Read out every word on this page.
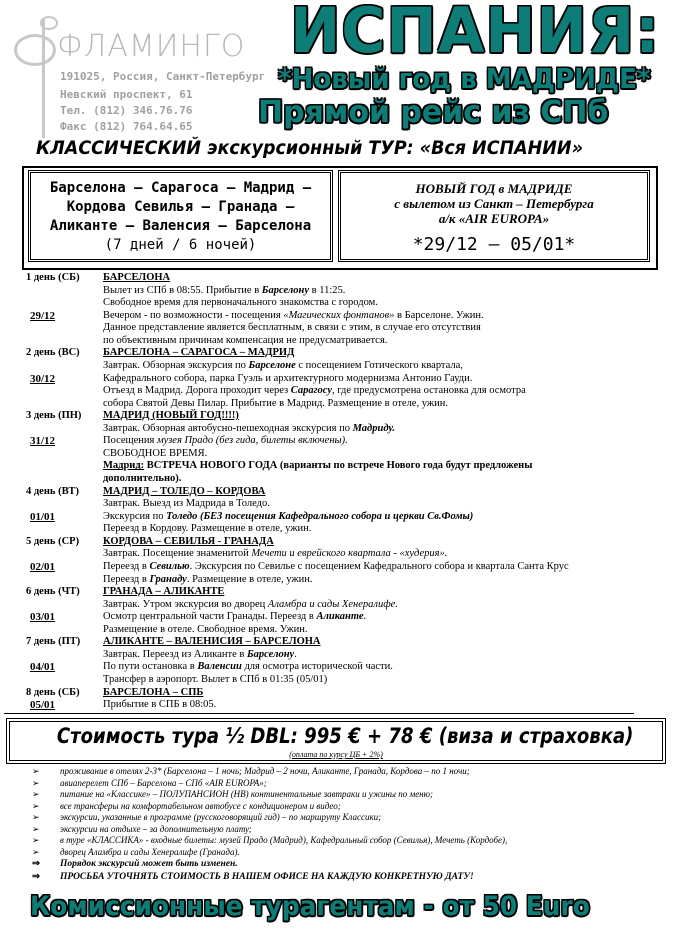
ФЛАМИНГО
191025, Россия, Санкт-Петербург
Невский проспект, 61
Тел. (812) 346.76.76
Факс (812) 764.64.65
ИСПАНИЯ:
*Новый год в МАДРИДЕ*
Прямой рейс из СПб
КЛАССИЧЕСКИЙ экскурсионный ТУР: «Вся ИСПАНИИ»
Барселона – Сарагоса – Мадрид –
Кордова Севилья – Гранада –
Аликанте – Валенсия – Барселона
(7 дней / 6 ночей)
НОВЫЙ ГОД в МАДРИДЕ
с вылетом из Санкт – Петербурга
а/к «AIR EUROPA»
*29/12 – 05/01*
1 день (СБ) БАРСЕЛОНА
Вылет из СПб в 08:55. Прибытие в Барселону в 11:25.
Свободное время для первоначального знакомства с городом.
Вечером - по возможности - посещения «Магических фонтанов» в Барселоне. Ужин.
29/12
Данное представление является бесплатным, в связи с этим, в случае его отсутствия
по объективным причинам компенсация не предусматривается.
2 день (ВС) БАРСЕЛОНА – САРАГОСА – МАДРИД
Завтрак. Обзорная экскурсия по Барселоне с посещением Готического квартала,
Кафедрального собора, парка Гуэль и архитектурного модернизма Антонио Гауди.
30/12
Отъезд в Мадрид. Дорога проходит через Сарагосу, где предусмотрена остановка для осмотра
собора Святой Девы Пилар. Прибытие в Мадрид. Размещение в отеле, ужин.
3 день (ПН) МАДРИД (НОВЫЙ ГОД!!!!)
Завтрак. Обзорная автобусно-пешеходная экскурсия по Мадриду.
Посещения музея Прадо (без гида, билеты включены).
31/12
СВОБОДНОЕ ВРЕМЯ.
Мадрид: ВСТРЕЧА НОВОГО ГОДА (варианты по встрече Нового года будут предложены
дополнительно).
4 день (ВТ) МАДРИД – ТОЛЕДО – КОРДОВА
Завтрак. Выезд из Мадрида в Толедо.
Экскурсия по Толедо (БЕЗ посещения Кафедрального собора и церкви Св.Фомы)
01/01
Переезд в Кордову. Размещение в отеле, ужин.
5 день (СР) КОРДОВА – СЕВИЛЬЯ - ГРАНАДА
Завтрак. Посещение знаменитой Мечети и еврейского квартала - «худерия».
Переезд в Севилью. Экскурсия по Севилье с посещением Кафедрального собора и квартала Санта Крус
02/01
Переезд в Гранаду. Размещение в отеле, ужин.
6 день (ЧТ) ГРАНАДА – АЛИКАНТЕ
Завтрак. Утром экскурсия во дворец Аламбра и сады Хенералифе.
Осмотр центральной части Гранады. Переезд в Аликанте.
03/01
Размещение в отеле. Свободное время. Ужин.
7 день (ПТ) АЛИКАНТЕ – ВАЛЕНИСИЯ – БАРСЕЛОНА
Завтрак. Переезд из Аликанте в Барселону.
По пути остановка в Валенсии для осмотра исторической части.
04/01
Трансфер в аэропорт. Вылет в СПб в 01:35 (05/01)
8 день (СБ) БАРСЕЛОНА – СПБ
Прибытие в СПБ в 08:05.
05/01
Стоимость тура ½ DBL: 995 € + 78 € (виза и страховка)
(оплата по курсу ЦБ + 2%)
➢ проживание в отелях 2-3* (Барселона – 1 ночь; Мадрид – 2 ночи, Аликанте, Гранада, Кордова – по 1 ночи;
➢ авиаперелет СПб – Барселона – СПб «AIR EUROPA»;
➢ питание на «Классике» – ПОЛУПАНСИОН (HB) континентальные завтраки и ужины по меню;
➢ все трансферы на комфортабельном автобусе с кондиционером и видео;
➢ экскурсии, указанные в программе (русскоговорящий гид) – по маршруту Классики;
➢ экскурсии на отдыхе – за дополнительную плату;
➢ в туре «КЛАССИКА» - входные билеты: музей Прадо (Мадрид), Кафедральный собор (Севилья), Мечеть (Кордобе),
➢ дворец Аламбра и сады Хенералифе (Гранада).
⇒ Порядок экскурсий может быть изменен.
⇒ ПРОСЬБА УТОЧНЯТЬ СТОИМОСТЬ В НАШЕМ ОФИСЕ НА КАЖДУЮ КОНКРЕТНУЮ ДАТУ!
Комиссионные турагентам - от 50 Euro
